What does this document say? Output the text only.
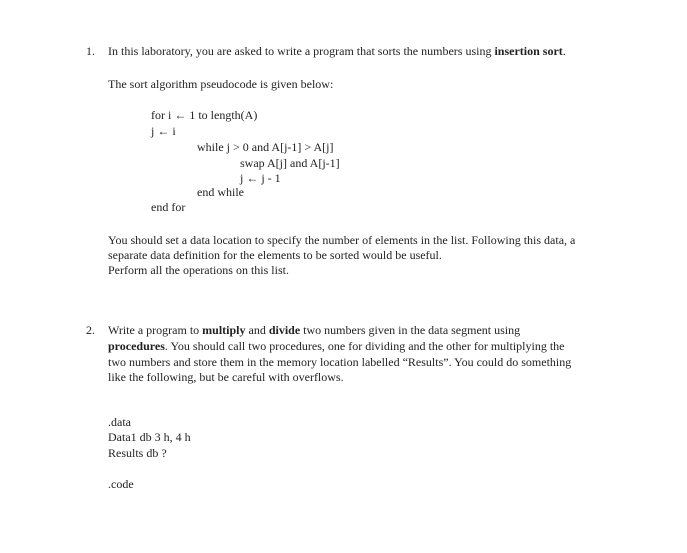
1. In this laboratory, you are asked to write a program that sorts the numbers using insertion sort.
The sort algorithm pseudocode is given below:
for i ← 1 to length(A)
j ← i
while j > 0 and A[j-1] > A[j]
swap A[j] and A[j-1]
j ← j - 1
end while
end for
You should set a data location to specify the number of elements in the list. Following this data, a
separate data definition for the elements to be sorted would be useful.
Perform all the operations on this list.
2. Write a program to multiply and divide two numbers given in the data segment using
procedures. You should call two procedures, one for dividing and the other for multiplying the
two numbers and store them in the memory location labelled “Results”. You could do something
like the following, but be careful with overflows.
.data
Data1 db 3 h, 4 h
Results db ?
.code
